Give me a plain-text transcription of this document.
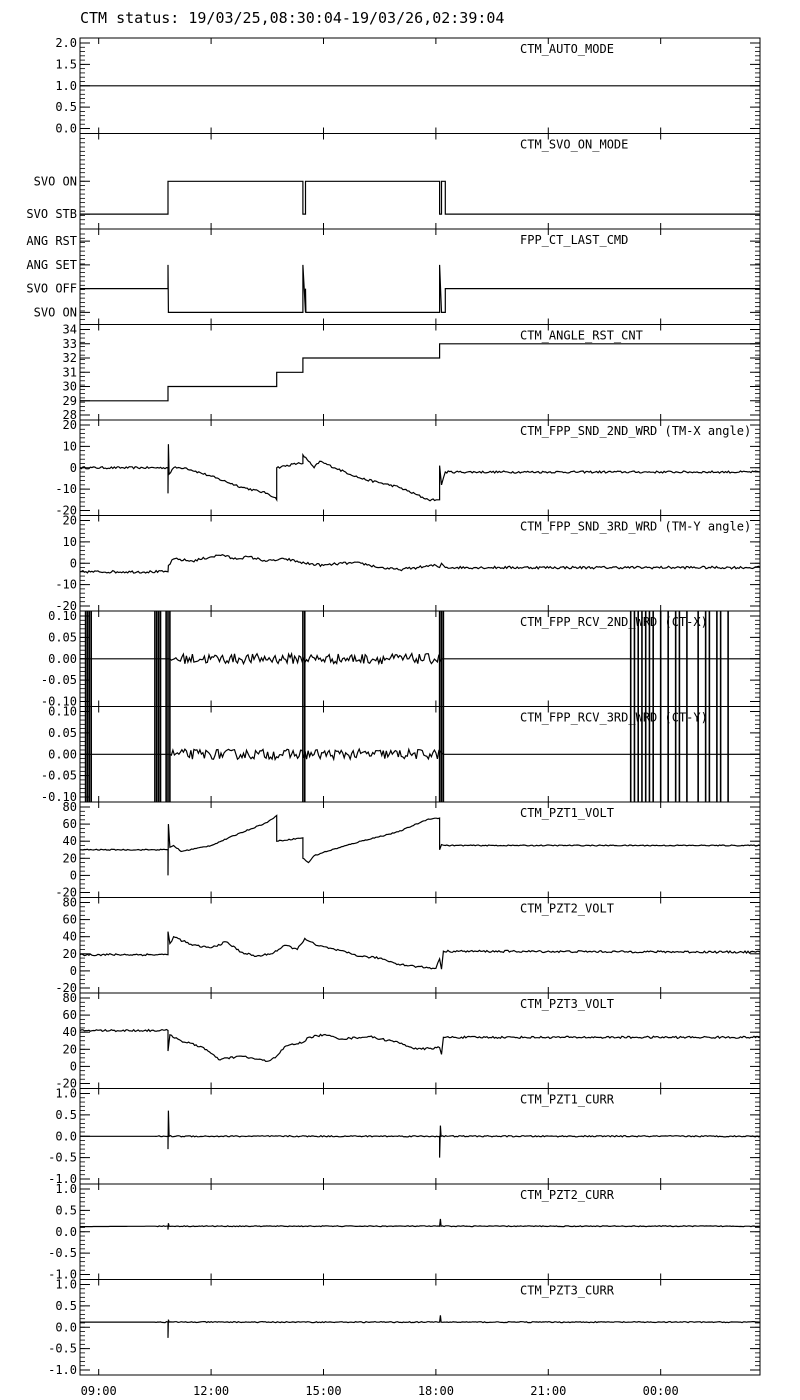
CTM status: 19/03/25,08:30:04-19/03/26,02:39:04
0.0
0.5
1.0
1.5
2.0	CTM_AUTO_MODE
SVO STB
SVO ON
CTM_SVO_ON_MODE
SVO ON
SVO OFF
ANG SET
ANG RST	FPP_CT_LAST_CMD
28
29
30
31
32
33
34	CTM_ANGLE_RST_CNT
-20
-10
0
10
20	CTM_FPP_SND_2ND_WRD (TM-X angle)
-20
-10
0
10
20	CTM_FPP_SND_3RD_WRD (TM-Y angle)
-0.10
-0.05
0.00
0.05
0.10	CTM_FPP_RCV_2ND_WRD (CT-X)
-0.10
-0.05
0.00
0.05
0.10	CTM_FPP_RCV_3RD_WRD (CT-Y)
-20
0
20
40
60
80	CTM_PZT1_VOLT
-20
0
20
40
60
80	CTM_PZT2_VOLT
-20
0
20
40
60
80	CTM_PZT3_VOLT
-1.0
-0.5
0.0
0.5
1.0	CTM_PZT1_CURR
-1.0
-0.5
0.0
0.5
1.0	CTM_PZT2_CURR
-1.0
-0.5
0.0
0.5
1.0	CTM_PZT3_CURR
09:00	12:00	15:00	18:00	21:00	00:00
